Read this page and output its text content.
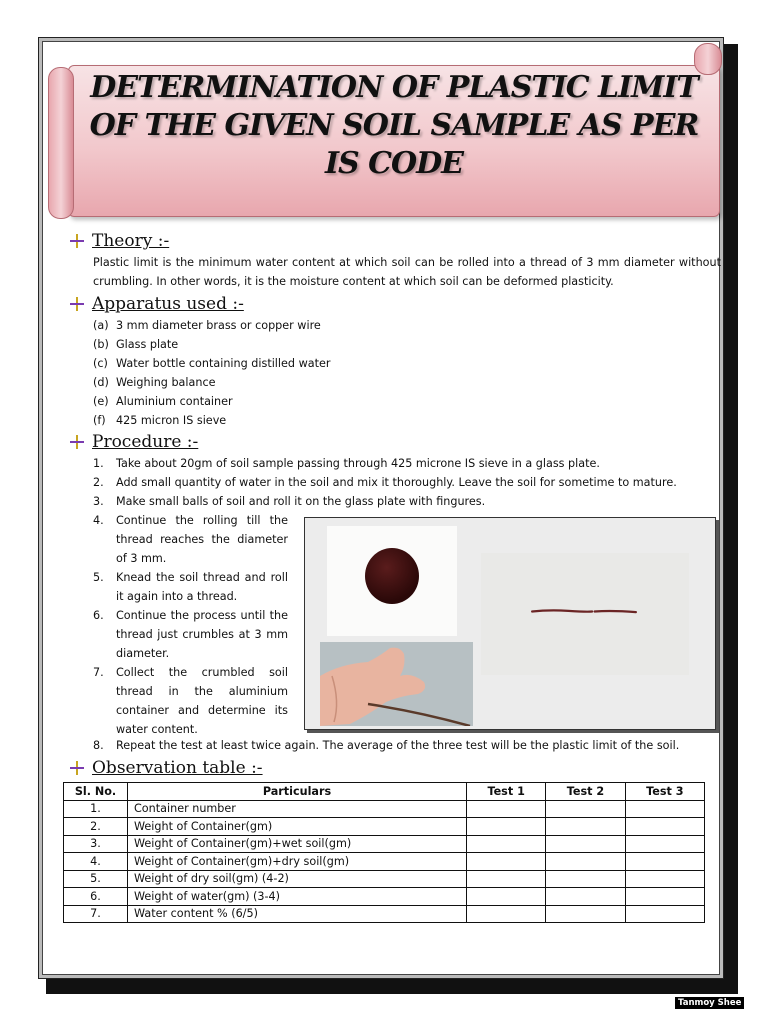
DETERMINATION OF PLASTIC LIMIT OF THE GIVEN SOIL SAMPLE AS PER IS CODE
Theory :-
Plastic limit is the minimum water content at which soil can be rolled into a thread of 3 mm diameter without crumbling. In other words, it is the moisture content at which soil can be deformed plasticity.
Apparatus used :-
(a) 3 mm diameter brass or copper wire
(b) Glass plate
(c) Water bottle containing distilled water
(d) Weighing balance
(e) Aluminium container
(f) 425 micron IS sieve
Procedure :-
1.	Take about 20gm of soil sample passing through 425 microne IS sieve in a glass plate.
2.	Add small quantity of water in the soil and mix it thoroughly. Leave the soil for sometime to mature.
3.	Make small balls of soil and roll it on the glass plate with fingures.
4.	Continue the rolling till the thread reaches the diameter of 3 mm.
5.	Knead the soil thread and roll it again into a thread.
6.	Continue the process until the thread just crumbles at 3 mm diameter.
7.	Collect the crumbled soil thread in the aluminium container and determine its water content.
8.	Repeat the test at least twice again. The average of the three test will be the plastic limit of the soil.
Observation table :-
Sl. No.	Particulars	Test 1	Test 2	Test 3
1.	Container number			
2.	Weight of Container(gm)			
3.	Weight of Container(gm)+wet soil(gm)			
4.	Weight of Container(gm)+dry soil(gm)			
5.	Weight of dry soil(gm) (4-2)			
6.	Weight of water(gm) (3-4)			
7.	Water content % (6/5)			
Tanmoy Shee
